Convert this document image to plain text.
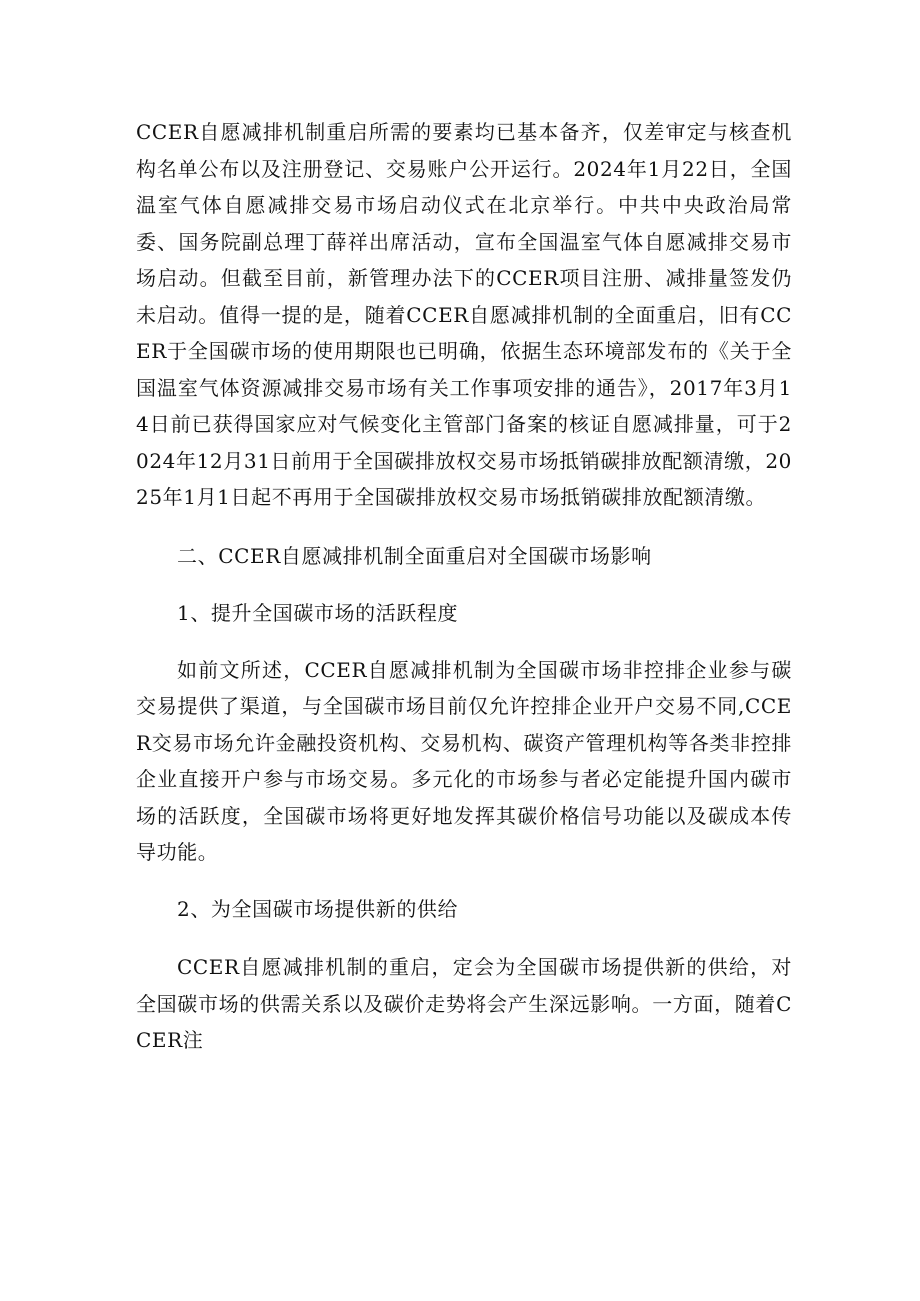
CCER自愿减排机制重启所需的要素均已基本备齐，仅差审定与核查机构名单公布以及注册登记、交易账户公开运行。2024年1月22日，全国温室气体自愿减排交易市场启动仪式在北京举行。中共中央政治局常委、国务院副总理丁薛祥出席活动，宣布全国温室气体自愿减排交易市场启动。但截至目前，新管理办法下的CCER项目注册、减排量签发仍未启动。值得一提的是，随着CCER自愿减排机制的全面重启，旧有CCER于全国碳市场的使用期限也已明确，依据生态环境部发布的《关于全国温室气体资源减排交易市场有关工作事项安排的通告》，2017年3月14日前已获得国家应对气候变化主管部门备案的核证自愿减排量，可于2024年12月31日前用于全国碳排放权交易市场抵销碳排放配额清缴，2025年1月1日起不再用于全国碳排放权交易市场抵销碳排放配额清缴。

二、CCER自愿减排机制全面重启对全国碳市场影响

1、提升全国碳市场的活跃程度

如前文所述，CCER自愿减排机制为全国碳市场非控排企业参与碳交易提供了渠道，与全国碳市场目前仅允许控排企业开户交易不同,CCER交易市场允许金融投资机构、交易机构、碳资产管理机构等各类非控排企业直接开户参与市场交易。多元化的市场参与者必定能提升国内碳市场的活跃度，全国碳市场将更好地发挥其碳价格信号功能以及碳成本传导功能。

2、为全国碳市场提供新的供给

CCER自愿减排机制的重启，定会为全国碳市场提供新的供给，对全国碳市场的供需关系以及碳价走势将会产生深远影响。一方面，随着CCER注
